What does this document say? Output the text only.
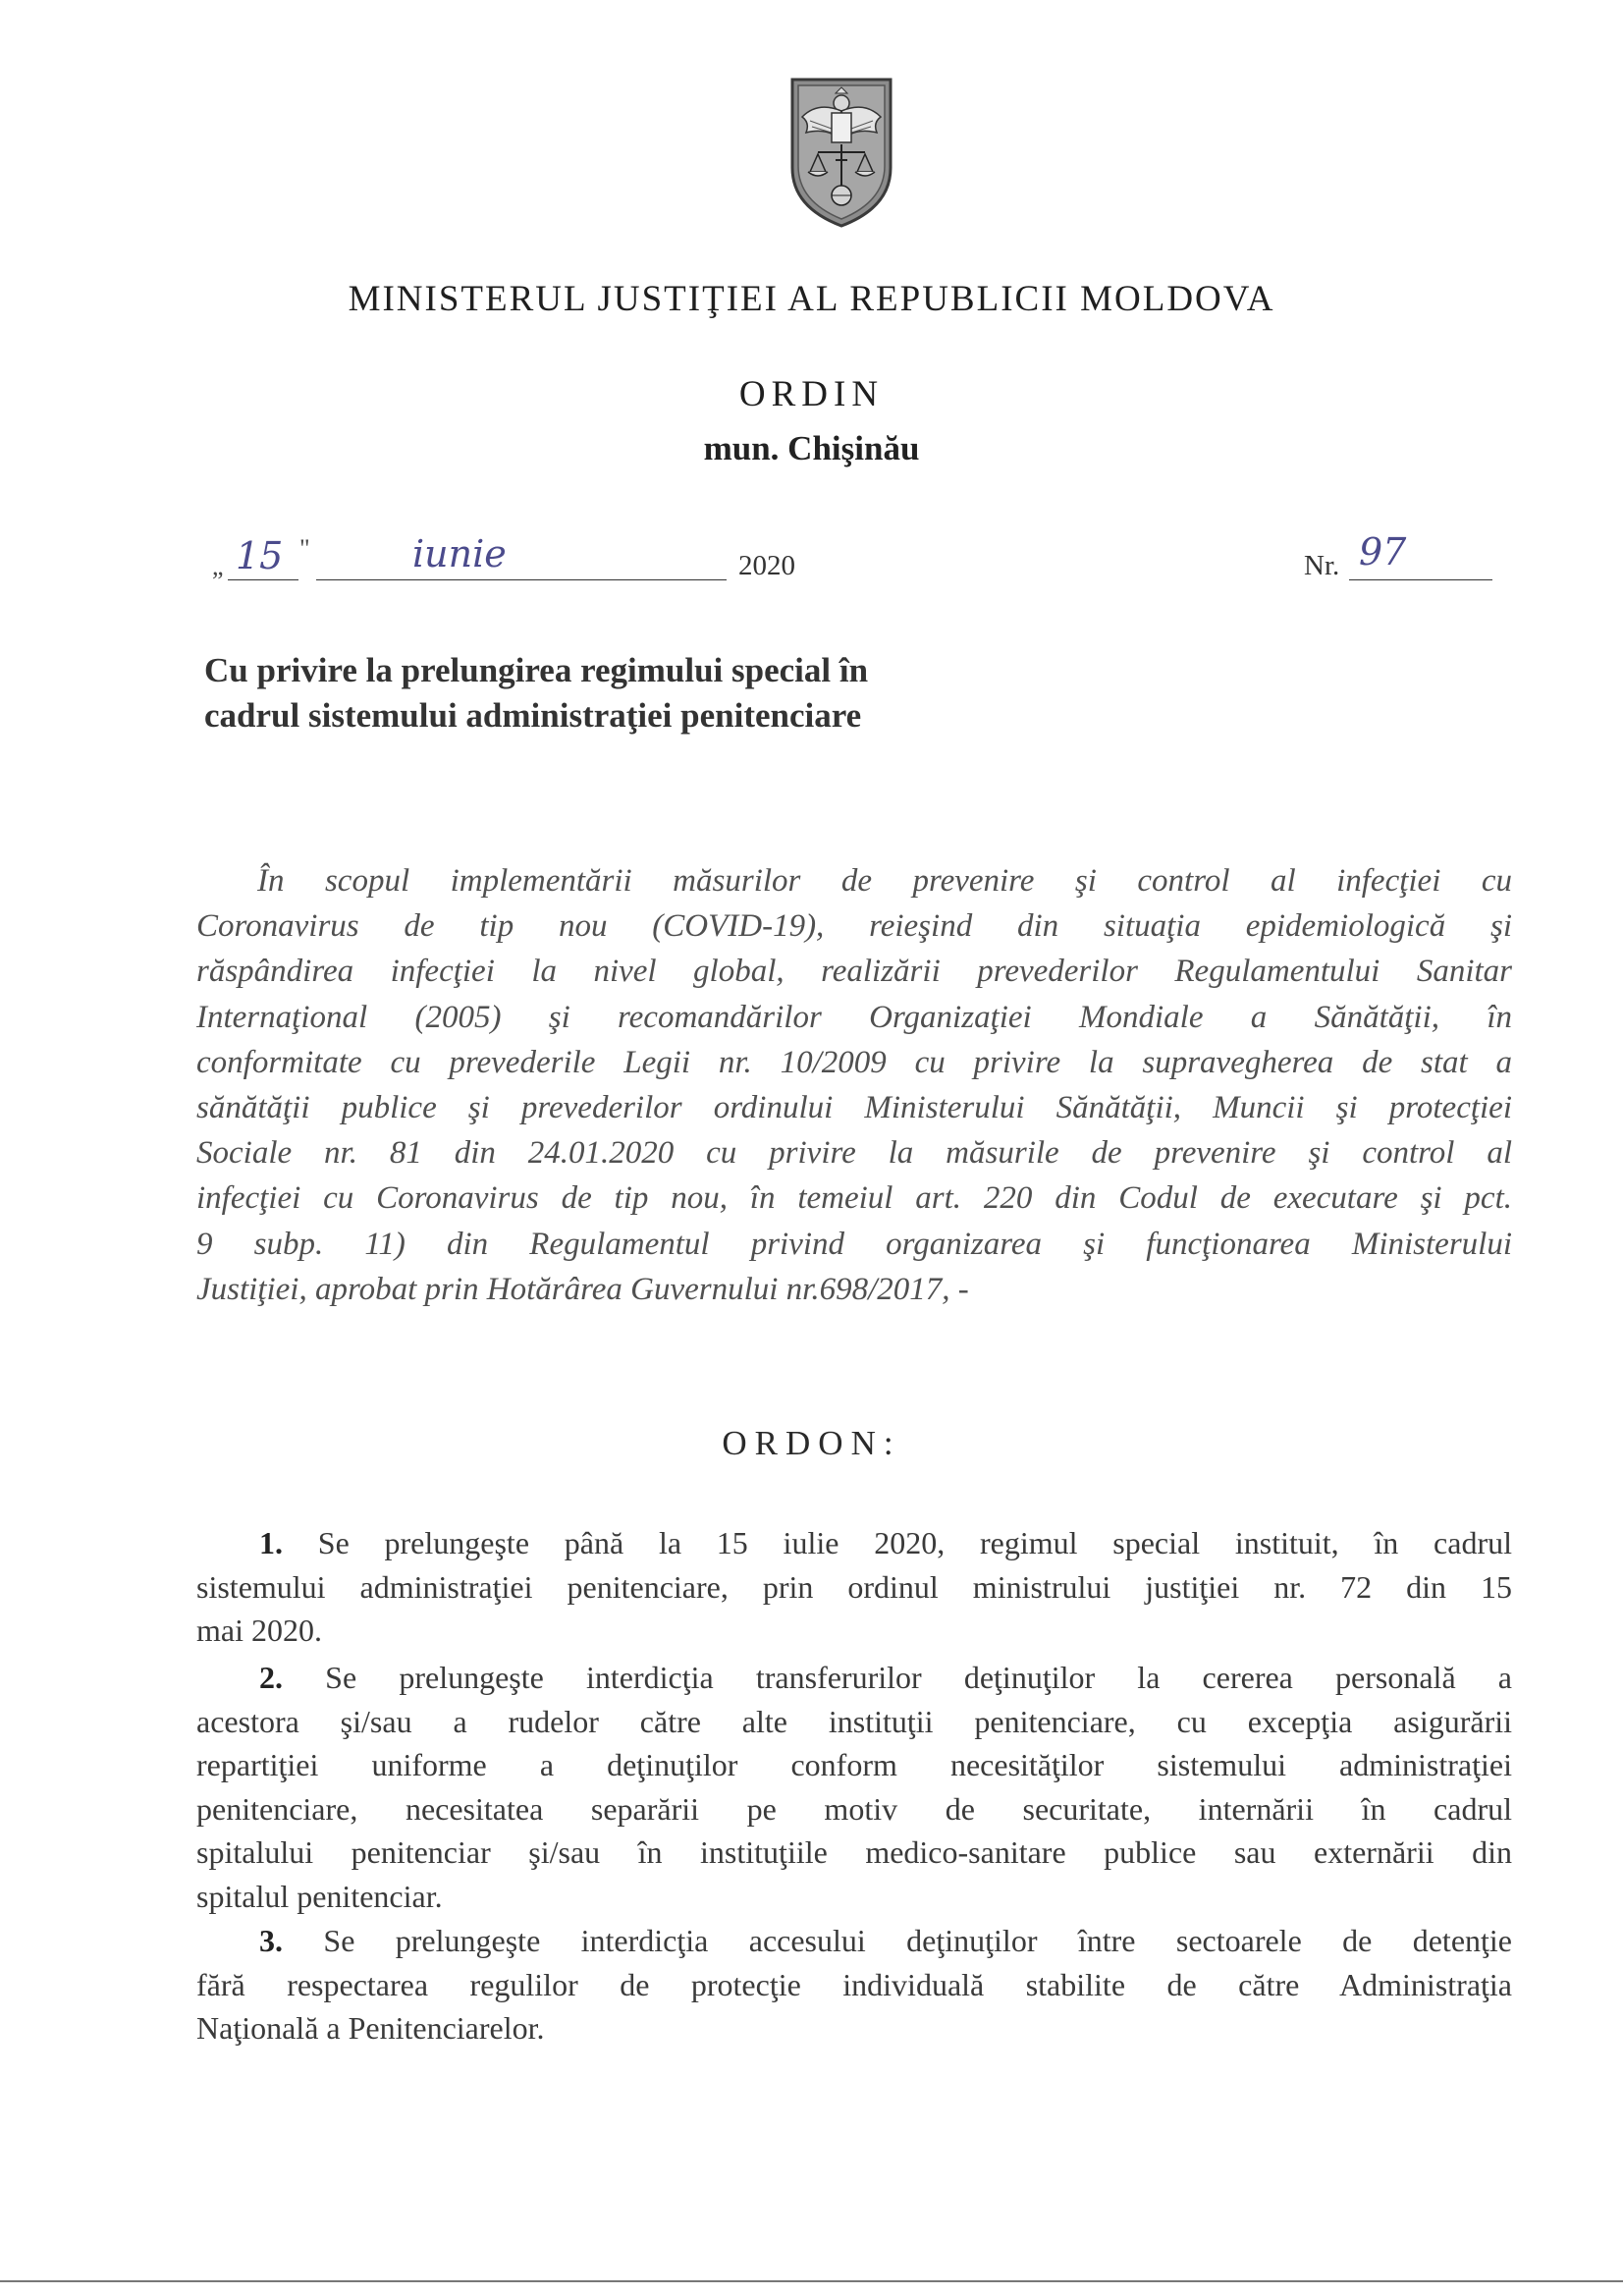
MINISTERUL JUSTIŢIEI AL REPUBLICII MOLDOVA
ORDIN
mun. Chişinău
„ 15 "	iunie	2020	Nr. 97
Cu privire la prelungirea regimului special în
cadrul sistemului administraţiei penitenciare
În scopul implementării măsurilor de prevenire şi control al infecţiei cu
Coronavirus de tip nou (COVID-19), reieşind din situaţia epidemiologică şi
răspândirea infecţiei la nivel global, realizării prevederilor Regulamentului Sanitar
Internaţional (2005) şi recomandărilor Organizaţiei Mondiale a Sănătăţii, în
conformitate cu prevederile Legii nr. 10/2009 cu privire la supravegherea de stat a
sănătăţii publice şi prevederilor ordinului Ministerului Sănătăţii, Muncii şi protecţiei
Sociale nr. 81 din 24.01.2020 cu privire la măsurile de prevenire şi control al
infecţiei cu Coronavirus de tip nou, în temeiul art. 220 din Codul de executare şi pct.
9 subp. 11) din Regulamentul privind organizarea şi funcţionarea Ministerului
Justiţiei, aprobat prin Hotărârea Guvernului nr.698/2017, -
ORDON:
1. Se prelungeşte până la 15 iulie 2020, regimul special instituit, în cadrul
sistemului administraţiei penitenciare, prin ordinul ministrului justiţiei nr. 72 din 15
mai 2020.
2. Se prelungeşte interdicţia transferurilor deţinuţilor la cererea personală a
acestora şi/sau a rudelor către alte instituţii penitenciare, cu excepţia asigurării
repartiţiei uniforme a deţinuţilor conform necesităţilor sistemului administraţiei
penitenciare, necesitatea separării pe motiv de securitate, internării în cadrul
spitalului penitenciar şi/sau în instituţiile medico-sanitare publice sau externării din
spitalul penitenciar.
3. Se prelungeşte interdicţia accesului deţinuţilor între sectoarele de detenţie
fără respectarea regulilor de protecţie individuală stabilite de către Administraţia
Naţională a Penitenciarelor.
